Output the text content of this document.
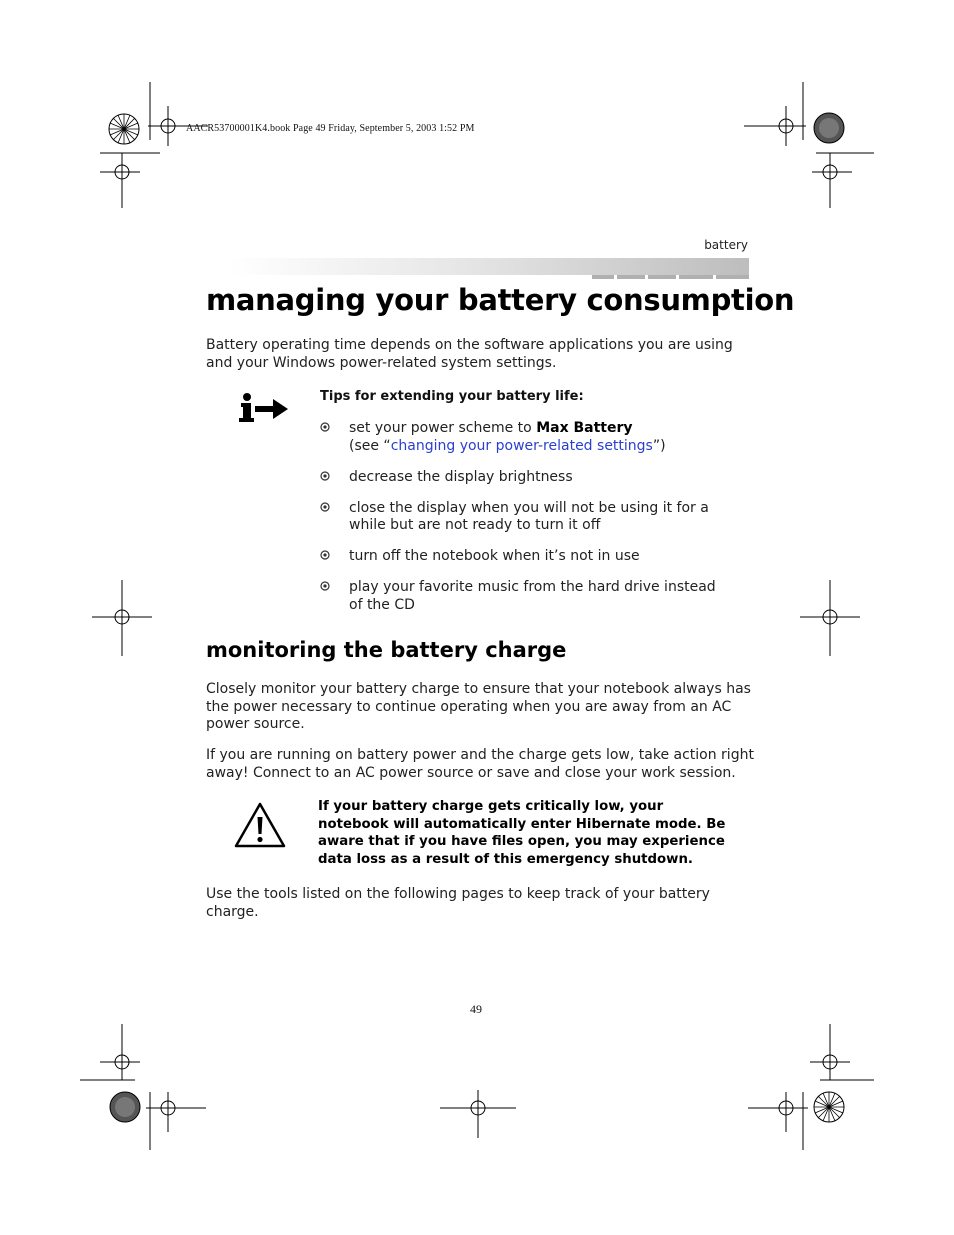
AACR53700001K4.book Page 49 Friday, September 5, 2003 1:52 PM
battery
managing your battery consumption
Battery operating time depends on the software applications you are using and your Windows power-related system settings.
Tips for extending your battery life:
set your power scheme to Max Battery
(see “changing your power-related settings”)
decrease the display brightness
close the display when you will not be using it for a while but are not ready to turn it off
turn off the notebook when it’s not in use
play your favorite music from the hard drive instead of the CD
monitoring the battery charge
Closely monitor your battery charge to ensure that your notebook always has the power necessary to continue operating when you are away from an AC power source.
If you are running on battery power and the charge gets low, take action right away! Connect to an AC power source or save and close your work session.
If your battery charge gets critically low, your notebook will automatically enter Hibernate mode. Be aware that if you have files open, you may experience data loss as a result of this emergency shutdown.
Use the tools listed on the following pages to keep track of your battery charge.
49
